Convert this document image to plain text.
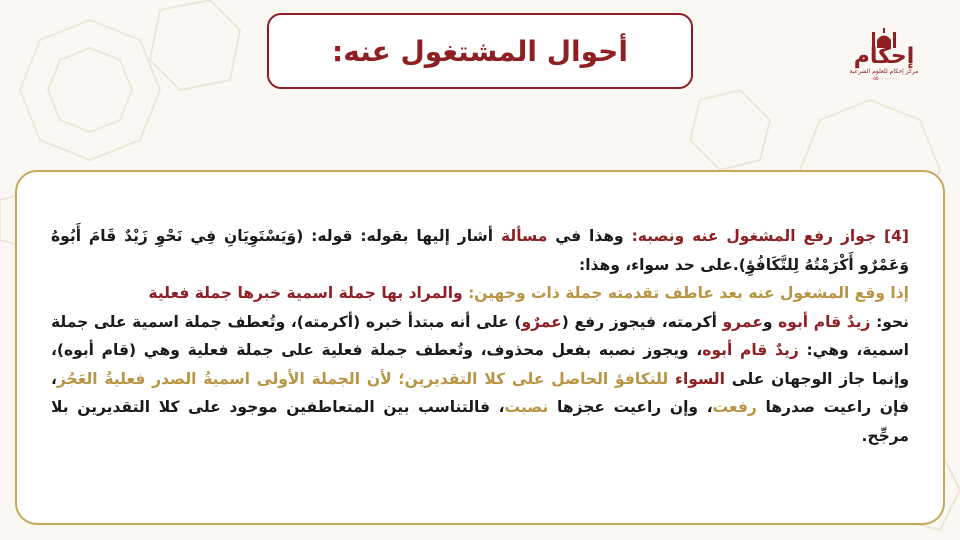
أحوال المشتغول عنه:	إحكام
مركز إحكام للعلوم الشرعية
٠٥٥٠٠٠٠٠٠٠
[4] جواز رفع المشغول عنه ونصبه: وهذا في مسألة أشار إليها بقوله: قوله: (وَيَسْتَوِيَانِ فِي نَحْوِ زَيْدٌ قَامَ أَبُوهُ وَعَمْرٌو أَكْرَمْتُهُ لِلتَّكَافُؤِ).على حد سواء، وهذا:
إذا وقع المشغول عنه بعد عاطف تقدمته جملة ذات وجهين: والمراد بها جملة اسمية خبرها جملة فعلية
نحو: زيدٌ قام أبوه وعمرو أكرمته، فيجوز رفع (عمرٌو) على أنه مبتدأ خبره (أكرمته)، وتُعطف جملة اسمية على جملة اسمية، وهي: زيدٌ قام أبوه، ويجوز نصبه بفعل محذوف، وتُعطف جملة فعلية على جملة فعلية وهي (قام أبوه)، وإنما جاز الوجهان على السواء للتكافؤ الحاصل على كلا التقديرين؛ لأن الجملة الأولى اسميةُ الصدر فعليةُ العَجُز، فإن راعيت صدرها رفعت، وإن راعيت عجزها نصبت، فالتناسب بين المتعاطفين موجود على كلا التقديرين بلا مرجِّح.
